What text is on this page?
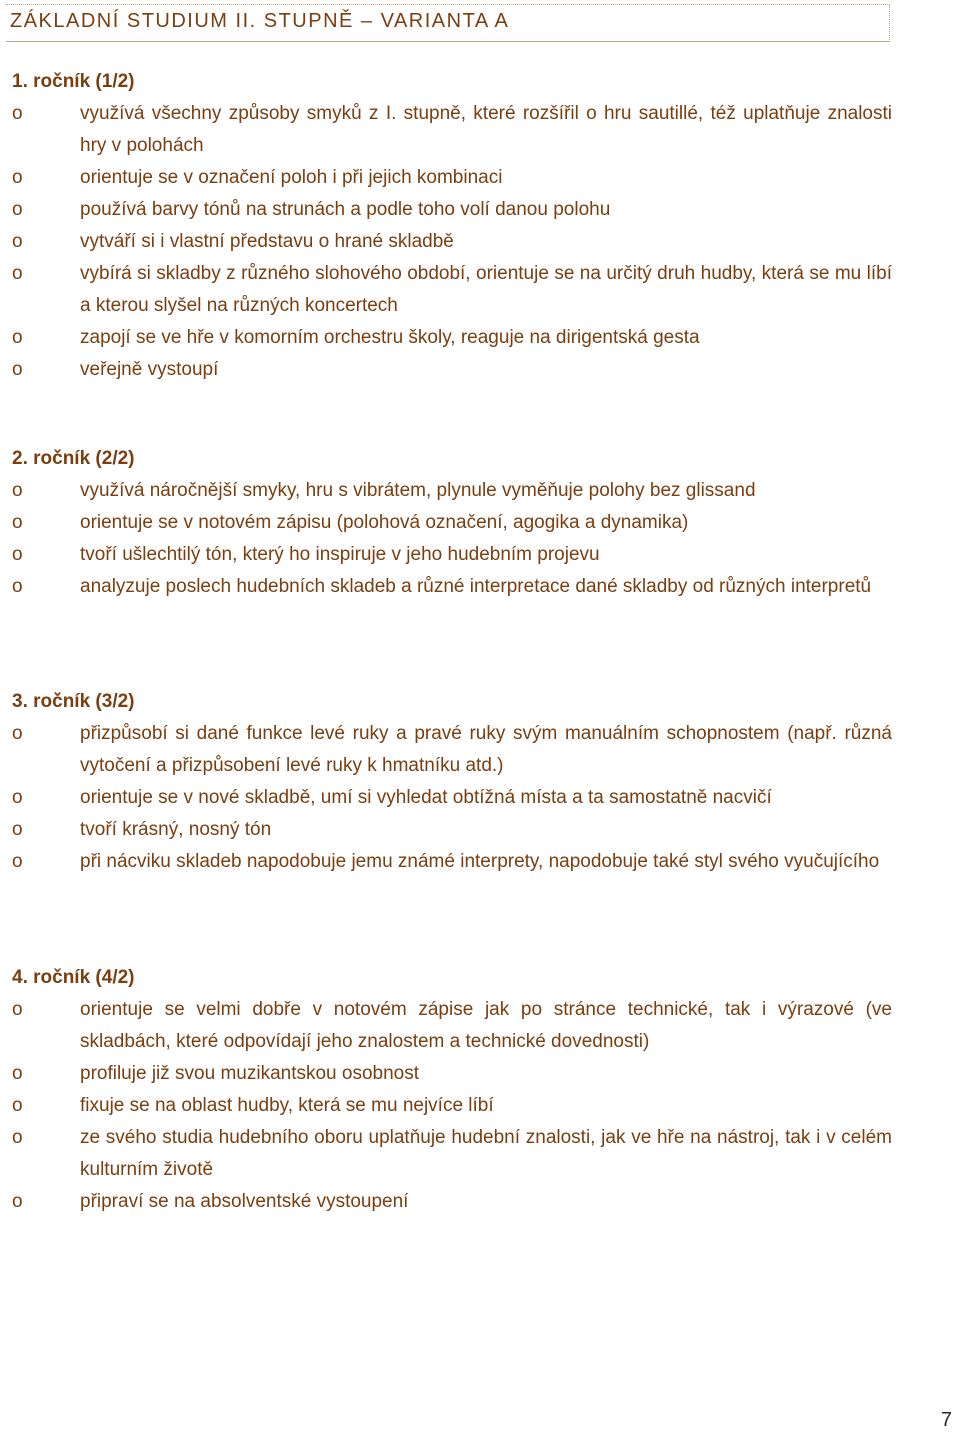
ZÁKLADNÍ STUDIUM II. STUPNĚ – VARIANTA A
1. ročník (1/2)
o	využívá všechny způsoby smyků z I. stupně, které rozšířil o hru sautillé, též uplatňuje znalosti hry v polohách
o	orientuje se v označení poloh i při jejich kombinaci
o	používá barvy tónů na strunách a podle toho volí danou polohu
o	vytváří si i vlastní představu o hrané skladbě
o	vybírá si skladby z různého slohového období, orientuje se na určitý druh hudby, která se mu líbí a kterou slyšel na různých koncertech
o	zapojí se ve hře v komorním orchestru školy, reaguje na dirigentská gesta
o	veřejně vystoupí
2. ročník (2/2)
o	využívá náročnější smyky, hru s vibrátem, plynule vyměňuje polohy bez glissand
o	orientuje se v notovém zápisu (polohová označení, agogika a dynamika)
o	tvoří ušlechtilý tón, který ho inspiruje v jeho hudebním projevu
o	analyzuje poslech hudebních skladeb a různé interpretace dané skladby od různých interpretů
3. ročník (3/2)
o	přizpůsobí si dané funkce levé ruky a pravé ruky svým manuálním schopnostem (např. různá vytočení a přizpůsobení levé ruky k hmatníku atd.)
o	orientuje se v nové skladbě, umí si vyhledat obtížná místa a ta samostatně nacvičí
o	tvoří krásný, nosný tón
o	při nácviku skladeb napodobuje jemu známé interprety, napodobuje také styl svého vyučujícího
4. ročník (4/2)
o	orientuje se velmi dobře v notovém zápise jak po stránce technické, tak i výrazové (ve skladbách, které odpovídají jeho znalostem a technické dovednosti)
o	profiluje již svou muzikantskou osobnost
o	fixuje se na oblast hudby, která se mu nejvíce líbí
o	ze svého studia hudebního oboru uplatňuje hudební znalosti, jak ve hře na nástroj, tak i v celém kulturním životě
o	připraví se na absolventské vystoupení
7
